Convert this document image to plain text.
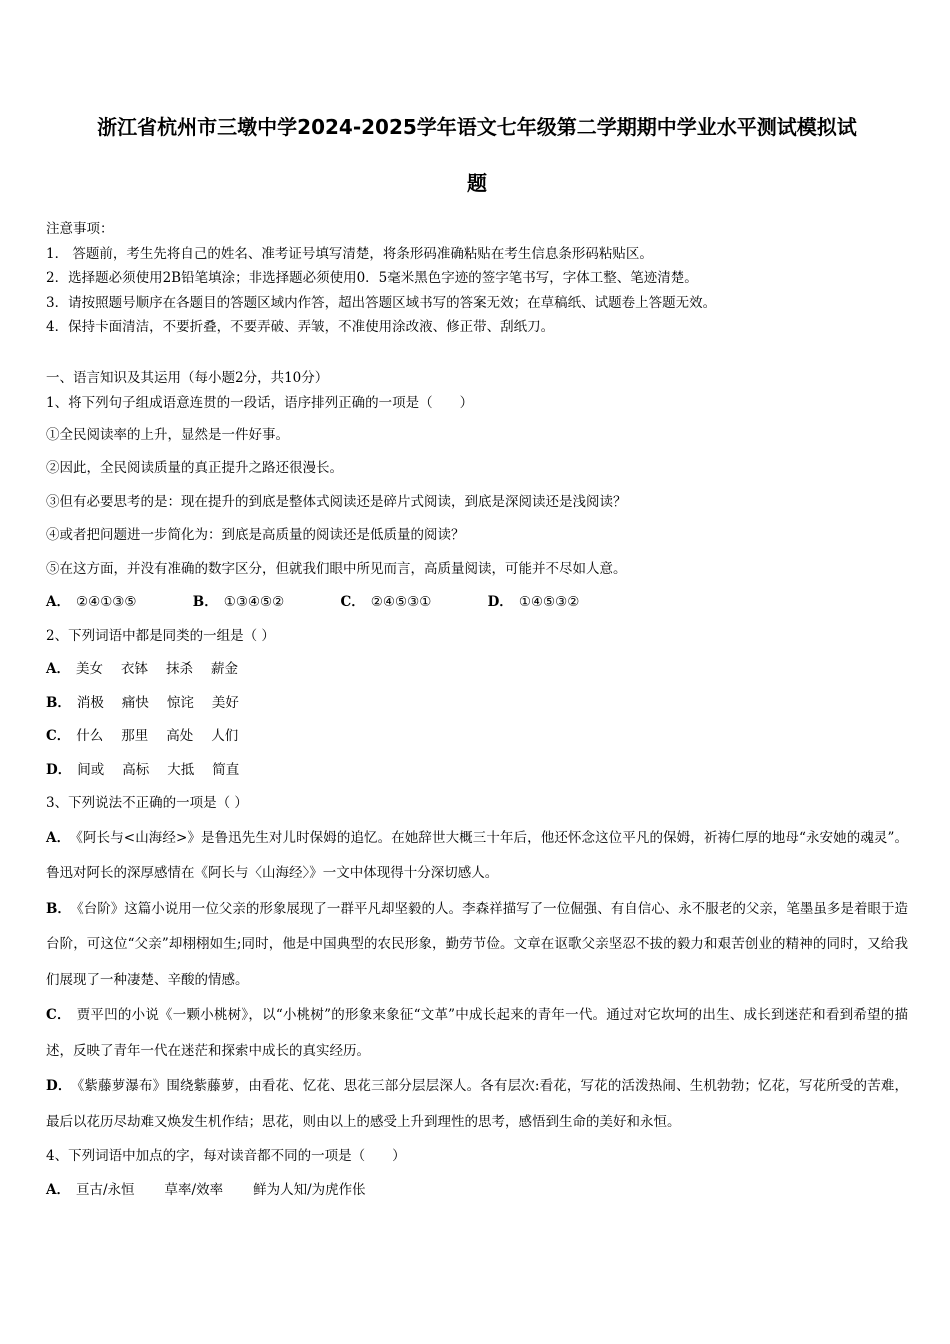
浙江省杭州市三墩中学2024-2025学年语文七年级第二学期期中学业水平测试模拟试
题
注意事项：
1． 答题前，考生先将自己的姓名、准考证号填写清楚，将条形码准确粘贴在考生信息条形码粘贴区。
2．选择题必须使用2B铅笔填涂；非选择题必须使用0．5毫米黑色字迹的签字笔书写，字体工整、笔迹清楚。
3．请按照题号顺序在各题目的答题区域内作答，超出答题区域书写的答案无效；在草稿纸、试题卷上答题无效。
4．保持卡面清洁，不要折叠，不要弄破、弄皱，不准使用涂改液、修正带、刮纸刀。
一、语言知识及其运用（每小题2分，共10分）
1、将下列句子组成语意连贯的一段话，语序排列正确的一项是（　　）
①全民阅读率的上升，显然是一件好事。
②因此，全民阅读质量的真正提升之路还很漫长。
③但有必要思考的是：现在提升的到底是整体式阅读还是碎片式阅读，到底是深阅读还是浅阅读？
④或者把问题进一步简化为：到底是高质量的阅读还是低质量的阅读？
⑤在这方面，并没有准确的数字区分，但就我们眼中所见而言，高质量阅读，可能并不尽如人意。
A． ②④①③⑤	B． ①③④⑤②	C． ②④⑤③①	D． ①④⑤③②
2、下列词语中都是同类的一组是（ ）
A． 美女 衣钵 抹杀 薪金
B． 消极 痛快 惊诧 美好
C． 什么 那里 高处 人们
D． 间或 高标 大抵 简直
3、下列说法不正确的一项是（ ）
A． 《阿长与<山海经>》是鲁迅先生对儿时保姆的追忆。在她辞世大概三十年后，他还怀念这位平凡的保姆，祈祷仁厚的地母“永安她的魂灵”。鲁迅对阿长的深厚感情在《阿长与〈山海经〉》一文中体现得十分深切感人。
B． 《台阶》这篇小说用一位父亲的形象展现了一群平凡却坚毅的人。李森祥描写了一位倔强、有自信心、永不服老的父亲，笔墨虽多是着眼于造台阶，可这位“父亲”却栩栩如生;同时，他是中国典型的农民形象，勤劳节俭。文章在讴歌父亲坚忍不拔的毅力和艰苦创业的精神的同时，又给我们展现了一种凄楚、辛酸的情感。
C． 贾平凹的小说《一颗小桃树》，以“小桃树”的形象来象征“文革”中成长起来的青年一代。通过对它坎坷的出生、成长到迷茫和看到希望的描述，反映了青年一代在迷茫和探索中成长的真实经历。
D． 《紫藤萝瀑布》围绕紫藤萝，由看花、忆花、思花三部分层层深人。各有层次:看花，写花的活泼热闹、生机勃勃；忆花，写花所受的苦难，最后以花历尽劫难又焕发生机作结；思花，则由以上的感受上升到理性的思考，感悟到生命的美好和永恒。
4、下列词语中加点的字，每对读音都不同的一项是（　　）
A． 亘古/永恒 草率/效率 鲜为人知/为虎作伥
